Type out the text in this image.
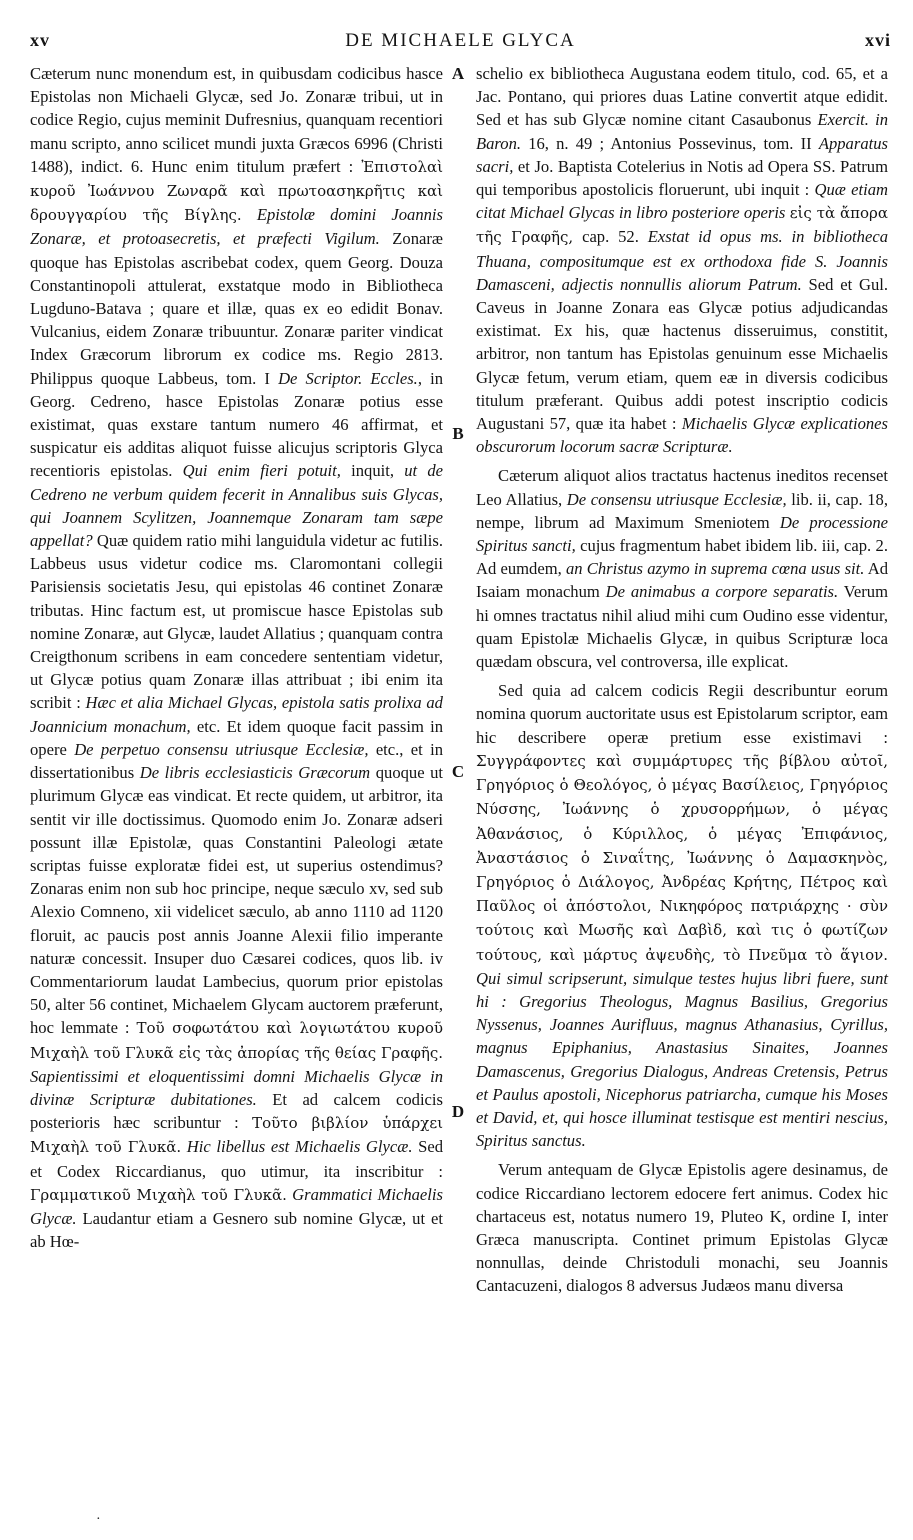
xv	DE MICHAELE GLYCA	xvi
A
B
C
D

Cæterum nunc monendum est, in quibusdam codicibus hasce Epistolas non Michaeli Glycæ, sed Jo. Zonaræ tribui, ut in codice Regio, cujus meminit Dufresnius, quanquam recentiori manu scripto, anno scilicet mundi juxta Græcos 6996 (Christi 1488), indict. 6. Hunc enim titulum præfert : Ἐπιστολαὶ κυροῦ Ἰωάννου Ζωναρᾶ καὶ πρωτοασηκρῆτις καὶ δρουγγαρίου τῆς Βίγλης. Epistolæ domini Joannis Zonaræ, et protoasecretis, et præfecti Vigilum. Zonaræ quoque has Epistolas ascribebat codex, quem Georg. Douza Constantinopoli attulerat, exstatque modo in Bibliotheca Lugduno-Batava ; quare et illæ, quas ex eo edidit Bonav. Vulcanius, eidem Zonaræ tribuuntur. Zonaræ pariter vindicat Index Græcorum librorum ex codice ms. Regio 2813. Philippus quoque Labbeus, tom. I De Scriptor. Eccles., in Georg. Cedreno, hasce Epistolas Zonaræ potius esse existimat, quas exstare tantum numero 46 affirmat, et suspicatur eis additas aliquot fuisse alicujus scriptoris Glyca recentioris epistolas. Qui enim fieri potuit, inquit, ut de Cedreno ne verbum quidem fecerit in Annalibus suis Glycas, qui Joannem Scylitzen, Joannemque Zonaram tam sæpe appellat? Quæ quidem ratio mihi languidula videtur ac futilis. Labbeus usus videtur codice ms. Claromontani collegii Parisiensis societatis Jesu, qui epistolas 46 continet Zonaræ tributas. Hinc factum est, ut promiscue hasce Epistolas sub nomine Zonaræ, aut Glycæ, laudet Allatius ; quanquam contra Creigthonum scribens in eam concedere sententiam videtur, ut Glycæ potius quam Zonaræ illas attribuat ; ibi enim ita scribit : Hæc et alia Michael Glycas, epistola satis prolixa ad Joannicium monachum, etc. Et idem quoque facit passim in opere De perpetuo consensu utriusque Ecclesiæ, etc., et in dissertationibus De libris ecclesiasticis Græcorum quoque ut plurimum Glycæ eas vindicat. Et recte quidem, ut arbitror, ita sentit vir ille doctissimus. Quomodo enim Jo. Zonaræ adseri possunt illæ Epistolæ, quas Constantini Paleologi ætate scriptas fuisse exploratæ fidei est, ut superius ostendimus? Zonaras enim non sub hoc principe, neque sæculo xv, sed sub Alexio Comneno, xii videlicet sæculo, ab anno 1110 ad 1120 floruit, ac paucis post annis Joanne Alexii filio imperante naturæ concessit. Insuper duo Cæsarei codices, quos lib. iv Commentariorum laudat Lambecius, quorum prior epistolas 50, alter 56 continet, Michaelem Glycam auctorem præferunt, hoc lemmate : Τοῦ σοφωτάτου καὶ λογιωτάτου κυροῦ Μιχαὴλ τοῦ Γλυκᾶ εἰς τὰς ἀπορίας τῆς θείας Γραφῆς. Sapientissimi et eloquentissimi domni Michaelis Glycæ in divinæ Scripturæ dubitationes. Et ad calcem codicis posterioris hæc scribuntur : Τοῦτο βιβλίον ὑπάρχει Μιχαὴλ τοῦ Γλυκᾶ. Hic libellus est Michaelis Glycæ. Sed et Codex Riccardianus, quo utimur, ita inscribitur : Γραμματικοῦ Μιχαὴλ τοῦ Γλυκᾶ. Grammatici Michaelis Glycæ. Laudantur etiam a Gesnero sub nomine Glycæ, ut et ab Hœ-

schelio ex bibliotheca Augustana eodem titulo, cod. 65, et a Jac. Pontano, qui priores duas Latine convertit atque edidit. Sed et has sub Glycæ nomine citant Casaubonus Exercit. in Baron. 16, n. 49 ; Antonius Possevinus, tom. II Apparatus sacri, et Jo. Baptista Cotelerius in Notis ad Opera SS. Patrum qui temporibus apostolicis floruerunt, ubi inquit : Quæ etiam citat Michael Glycas in libro posteriore operis εἰς τὰ ἄπορα τῆς Γραφῆς, cap. 52. Exstat id opus ms. in bibliotheca Thuana, compositumque est ex orthodoxa fide S. Joannis Damasceni, adjectis nonnullis aliorum Patrum. Sed et Gul. Caveus in Joanne Zonara eas Glycæ potius adjudicandas existimat. Ex his, quæ hactenus disseruimus, constitit, arbitror, non tantum has Epistolas genuinum esse Michaelis Glycæ fetum, verum etiam, quem eæ in diversis codicibus titulum præferant. Quibus addi potest inscriptio codicis Augustani 57, quæ ita habet : Michaelis Glycæ explicationes obscurorum locorum sacræ Scripturæ.

Cæterum aliquot alios tractatus hactenus ineditos recenset Leo Allatius, De consensu utriusque Ecclesiæ, lib. ii, cap. 18, nempe, librum ad Maximum Smeniotem De processione Spiritus sancti, cujus fragmentum habet ibidem lib. iii, cap. 2. Ad eumdem, an Christus azymo in suprema cœna usus sit. Ad Isaiam monachum De animabus a corpore separatis. Verum hi omnes tractatus nihil aliud mihi cum Oudino esse videntur, quam Epistolæ Michaelis Glycæ, in quibus Scripturæ loca quædam obscura, vel controversa, ille explicat.

Sed quia ad calcem codicis Regii describuntur eorum nomina quorum auctoritate usus est Epistolarum scriptor, eam hic describere operæ pretium esse existimavi : Συγγράφοντες καὶ συμμάρτυρες τῆς βίβλου αὐτοῖ, Γρηγόριος ὁ Θεολόγος, ὁ μέγας Βασίλειος, Γρηγόριος Νύσσης, Ἰωάννης ὁ χρυσορρήμων, ὁ μέγας Ἀθανάσιος, ὁ Κύριλλος, ὁ μέγας Ἐπιφάνιος, Ἀναστάσιος ὁ Σιναΐτης, Ἰωάννης ὁ Δαμασκηνὸς, Γρηγόριος ὁ Διάλογος, Ἀνδρέας Κρήτης, Πέτρος καὶ Παῦλος οἱ ἀπόστολοι, Νικηφόρος πατριάρχης · σὺν τούτοις καὶ Μωσῆς καὶ Δαβὶδ, καὶ τις ὁ φωτίζων τούτους, καὶ μάρτυς ἀψευδὴς, τὸ Πνεῦμα τὸ ἅγιον. Qui simul scripserunt, simulque testes hujus libri fuere, sunt hi : Gregorius Theologus, Magnus Basilius, Gregorius Nyssenus, Joannes Aurifluus, magnus Athanasius, Cyrillus, magnus Epiphanius, Anastasius Sinaites, Joannes Damascenus, Gregorius Dialogus, Andreas Cretensis, Petrus et Paulus apostoli, Nicephorus patriarcha, cumque his Moses et David, et, qui hosce illuminat testisque est mentiri nescius, Spiritus sanctus.

Verum antequam de Glycæ Epistolis agere desinamus, de codice Riccardiano lectorem edocere fert animus. Codex hic chartaceus est, notatus numero 19, Pluteo K, ordine I, inter Græca manuscripta. Continet primum Epistolas Glycæ nonnullas, deinde Christoduli monachi, seu Joannis Cantacuzeni, dialogos 8 adversus Judæos manu diversa

·
